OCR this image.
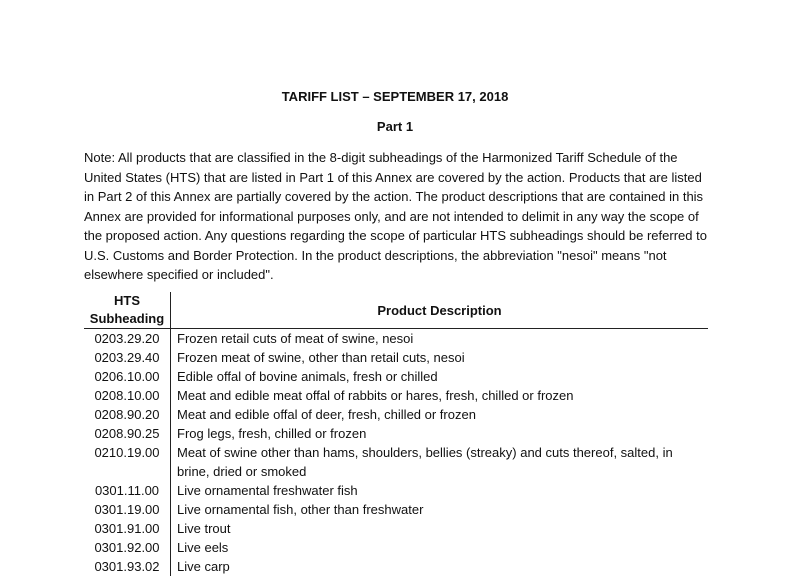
TARIFF LIST – SEPTEMBER 17, 2018
Part 1

Note: All products that are classified in the 8-digit subheadings of the Harmonized Tariff Schedule of the United States (HTS) that are listed in Part 1 of this Annex are covered by the action. Products that are listed in Part 2 of this Annex are partially covered by the action. The product descriptions that are contained in this Annex are provided for informational purposes only, and are not intended to delimit in any way the scope of the proposed action. Any questions regarding the scope of particular HTS subheadings should be referred to U.S. Customs and Border Protection. In the product descriptions, the abbreviation "nesoi" means "not elsewhere specified or included".

HTS
Subheading	Product Description
0203.29.20	Frozen retail cuts of meat of swine, nesoi
0203.29.40	Frozen meat of swine, other than retail cuts, nesoi
0206.10.00	Edible offal of bovine animals, fresh or chilled
0208.10.00	Meat and edible meat offal of rabbits or hares, fresh, chilled or frozen
0208.90.20	Meat and edible offal of deer, fresh, chilled or frozen
0208.90.25	Frog legs, fresh, chilled or frozen
0210.19.00	Meat of swine other than hams, shoulders, bellies (streaky) and cuts thereof, salted, in brine, dried or smoked
0301.11.00	Live ornamental freshwater fish
0301.19.00	Live ornamental fish, other than freshwater
0301.91.00	Live trout
0301.92.00	Live eels
0301.93.02	Live carp
